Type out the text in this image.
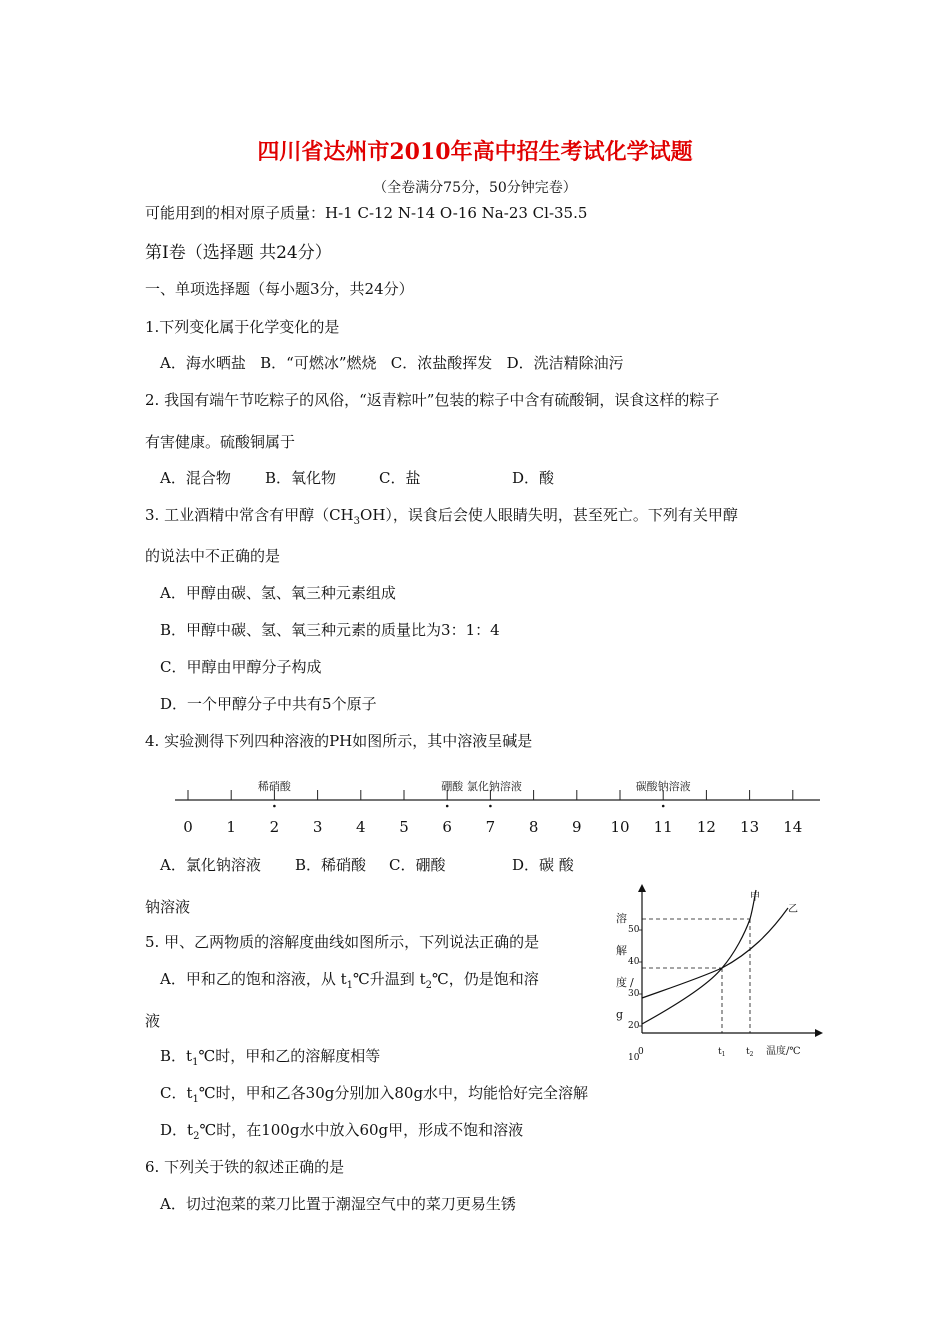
四川省达州市2010年高中招生考试化学试题
（全卷满分75分，50分钟完卷）
可能用到的相对原子质量：H-1 C-12 N-14 O-16 Na-23 Cl-35.5
第Ⅰ卷（选择题 共24分）
一、单项选择题（每小题3分，共24分）
1.下列变化属于化学变化的是
A．海水晒盐   B．“可燃冰”燃烧   C．浓盐酸挥发   D．洗洁精除油污
2. 我国有端午节吃粽子的风俗，“返青粽叶”包装的粽子中含有硫酸铜，误食这样的粽子
有害健康。硫酸铜属于
A．混合物 B．氧化物	C．盐	D．酸
3. 工业酒精中常含有甲醇$(CH_3OH)$，误食后会使人眼睛失明，甚至死亡。下列有关甲醇
的说法中不正确的是
A．甲醇由碳、氢、氧三种元素组成
B．甲醇中碳、氢、氧三种元素的质量比为3：1：4
C．甲醇由甲醇分子构成
D．一个甲醇分子中共有5个原子
4. 实验测得下列四种溶液的PH如图所示，其中溶液呈碱是
0 1 2 3 4 5 6 7 8 9 10 11 12 13 14
稀硝酸	硼酸 氯化钠溶液	碳酸钠溶液
A．氯化钠溶液 B．稀硝酸 C．硼酸	D．碳 酸
钠溶液
5. 甲、乙两物质的溶解度曲线如图所示，下列说法正确的是
A．甲和乙的饱和溶液，从 $t_1℃$升温到 $t_2℃$，仍是饱和溶
液
B．$t_1℃$时，甲和乙的溶解度相等
C．$t_1℃$时，甲和乙各30g分别加入80g水中，均能恰好完全溶解
D．$t_2℃$时，在100g水中放入60g甲，形成不饱和溶液
溶
解
度 /
g
50
40
30
20
10
0	$t_1$ $t_2$ 温度/℃
甲
乙
6. 下列关于铁的叙述正确的是
A．切过泡菜的菜刀比置于潮湿空气中的菜刀更易生锈
